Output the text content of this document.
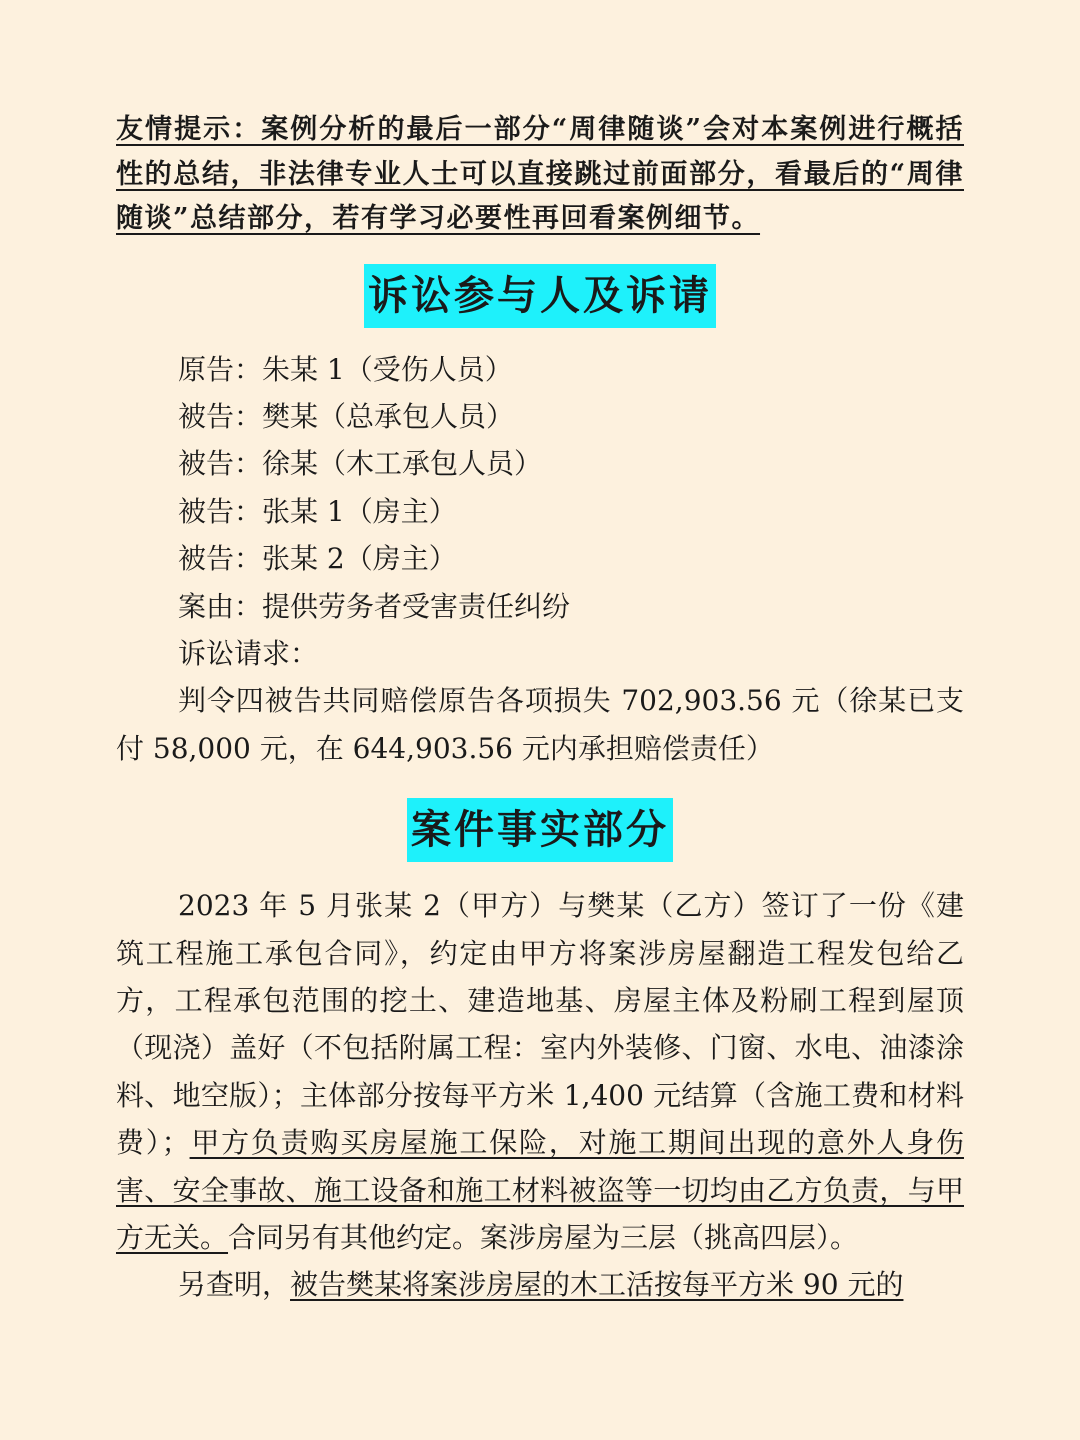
友情提示：案例分析的最后一部分“周律随谈”会对本案例进行概括性的总结，非法律专业人士可以直接跳过前面部分，看最后的“周律随谈”总结部分，若有学习必要性再回看案例细节。

诉讼参与人及诉请
原告：朱某 1（受伤人员）
被告：樊某（总承包人员）
被告：徐某（木工承包人员）
被告：张某 1（房主）
被告：张某 2（房主）
案由：提供劳务者受害责任纠纷
诉讼请求：

判令四被告共同赔偿原告各项损失 702,903.56 元（徐某已支付 58,000 元，在 644,903.56 元内承担赔偿责任）

案件事实部分

2023 年 5 月张某 2（甲方）与樊某（乙方）签订了一份《建筑工程施工承包合同》，约定由甲方将案涉房屋翻造工程发包给乙方，工程承包范围的挖土、建造地基、房屋主体及粉刷工程到屋顶（现浇）盖好（不包括附属工程：室内外装修、门窗、水电、油漆涂料、地空版）；主体部分按每平方米 1,400 元结算（含施工费和材料费）；甲方负责购买房屋施工保险，对施工期间出现的意外人身伤害、安全事故、施工设备和施工材料被盗等一切均由乙方负责，与甲方无关。合同另有其他约定。案涉房屋为三层（挑高四层）。

另查明，被告樊某将案涉房屋的木工活按每平方米 90 元的
